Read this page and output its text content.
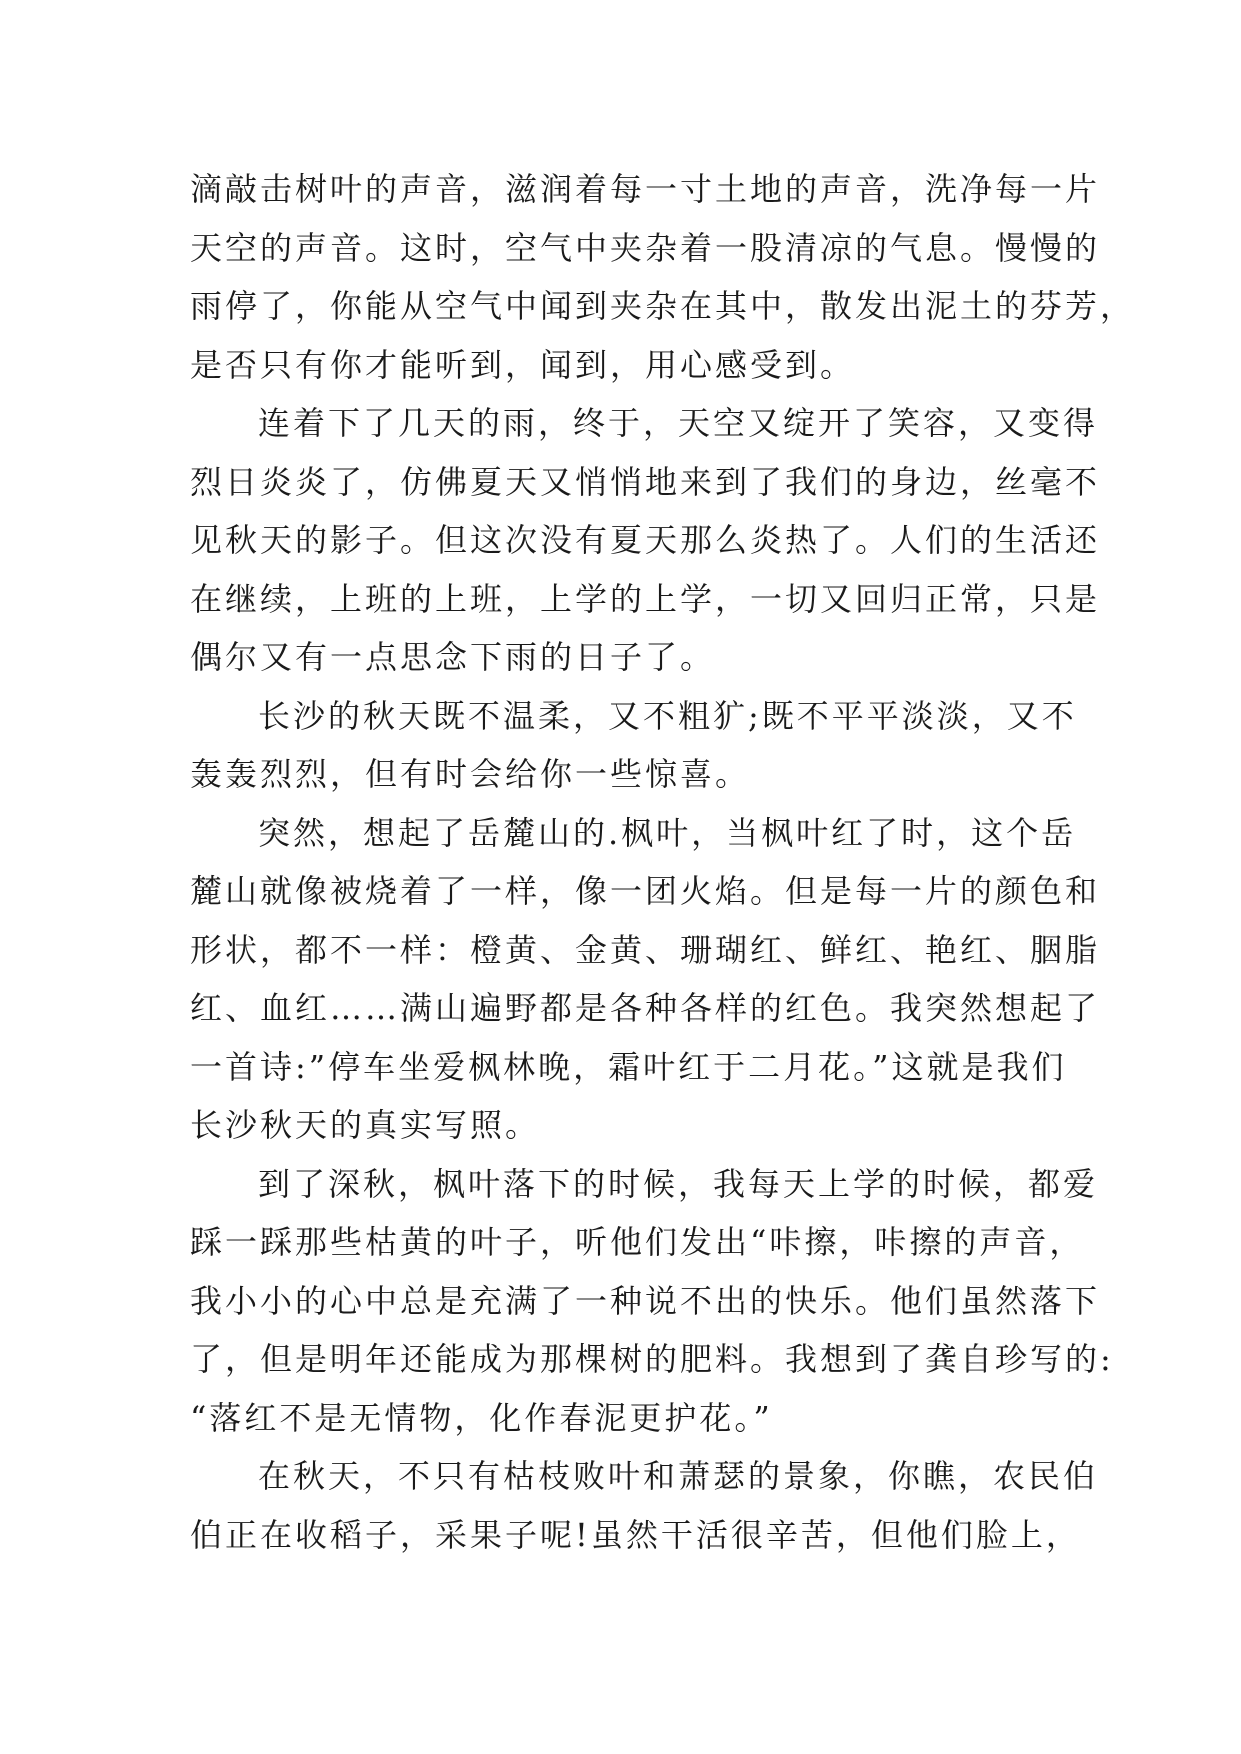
滴敲击树叶的声音，滋润着每一寸土地的声音，洗净每一片
天空的声音。这时，空气中夹杂着一股清凉的气息。慢慢的
雨停了，你能从空气中闻到夹杂在其中，散发出泥土的芬芳，
是否只有你才能听到，闻到，用心感受到。
连着下了几天的雨，终于，天空又绽开了笑容，又变得
烈日炎炎了，仿佛夏天又悄悄地来到了我们的身边，丝毫不
见秋天的影子。但这次没有夏天那么炎热了。人们的生活还
在继续，上班的上班，上学的上学，一切又回归正常，只是
偶尔又有一点思念下雨的日子了。
长沙的秋天既不温柔，又不粗犷;既不平平淡淡，又不
轰轰烈烈，但有时会给你一些惊喜。
突然，想起了岳麓山的.枫叶，当枫叶红了时，这个岳
麓山就像被烧着了一样，像一团火焰。但是每一片的颜色和
形状，都不一样：橙黄、金黄、珊瑚红、鲜红、艳红、胭脂
红、血红……满山遍野都是各种各样的红色。我突然想起了
一首诗:”停车坐爱枫林晚，霜叶红于二月花。”这就是我们
长沙秋天的真实写照。
到了深秋，枫叶落下的时候，我每天上学的时候，都爱
踩一踩那些枯黄的叶子，听他们发出“咔擦，咔擦的声音，
我小小的心中总是充满了一种说不出的快乐。他们虽然落下
了，但是明年还能成为那棵树的肥料。我想到了龚自珍写的:
“落红不是无情物，化作春泥更护花。”
在秋天，不只有枯枝败叶和萧瑟的景象，你瞧，农民伯
伯正在收稻子，采果子呢!虽然干活很辛苦，但他们脸上，
